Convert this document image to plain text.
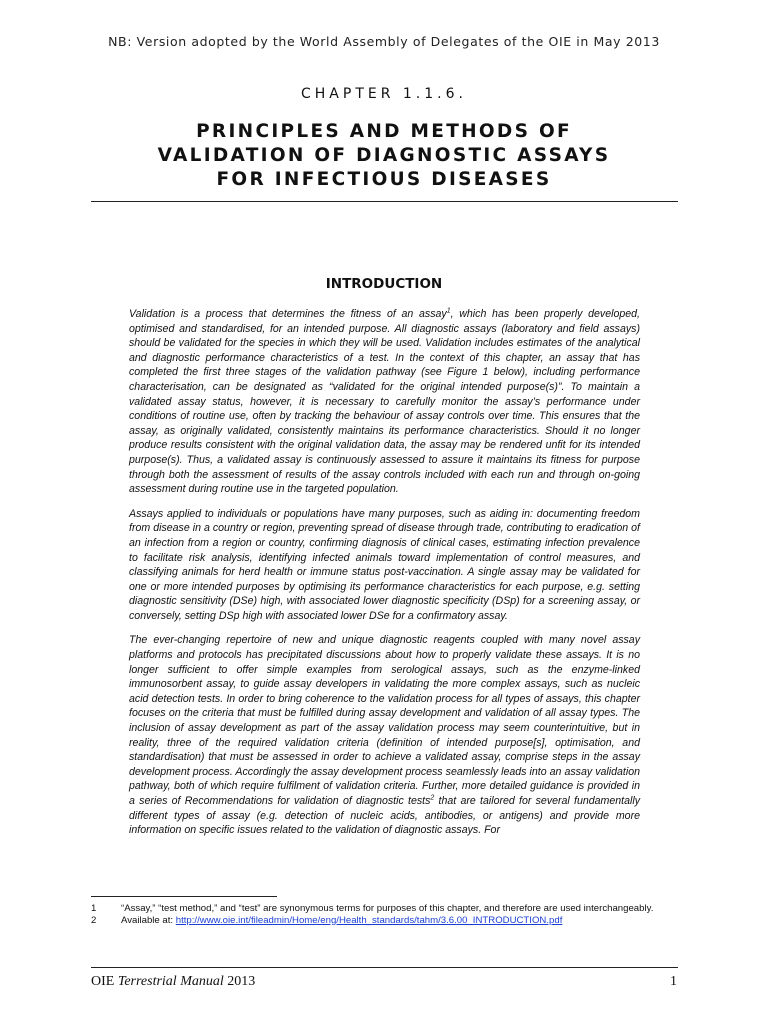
NB: Version adopted by the World Assembly of Delegates of the OIE in May 2013
CHAPTER 1.1.6.
PRINCIPLES AND METHODS OF
VALIDATION OF DIAGNOSTIC ASSAYS
FOR INFECTIOUS DISEASES
INTRODUCTION

Validation is a process that determines the fitness of an assay$^1$, which has been properly developed, optimised and standardised, for an intended purpose. All diagnostic assays (laboratory and field assays) should be validated for the species in which they will be used. Validation includes estimates of the analytical and diagnostic performance characteristics of a test. In the context of this chapter, an assay that has completed the first three stages of the validation pathway (see Figure 1 below), including performance characterisation, can be designated as “validated for the original intended purpose(s)”. To maintain a validated assay status, however, it is necessary to carefully monitor the assay’s performance under conditions of routine use, often by tracking the behaviour of assay controls over time. This ensures that the assay, as originally validated, consistently maintains its performance characteristics. Should it no longer produce results consistent with the original validation data, the assay may be rendered unfit for its intended purpose(s). Thus, a validated assay is continuously assessed to assure it maintains its fitness for purpose through both the assessment of results of the assay controls included with each run and through on-going assessment during routine use in the targeted population.

Assays applied to individuals or populations have many purposes, such as aiding in: documenting freedom from disease in a country or region, preventing spread of disease through trade, contributing to eradication of an infection from a region or country, confirming diagnosis of clinical cases, estimating infection prevalence to facilitate risk analysis, identifying infected animals toward implementation of control measures, and classifying animals for herd health or immune status post-vaccination. A single assay may be validated for one or more intended purposes by optimising its performance characteristics for each purpose, e.g. setting diagnostic sensitivity (DSe) high, with associated lower diagnostic specificity (DSp) for a screening assay, or conversely, setting DSp high with associated lower DSe for a confirmatory assay.

The ever-changing repertoire of new and unique diagnostic reagents coupled with many novel assay platforms and protocols has precipitated discussions about how to properly validate these assays. It is no longer sufficient to offer simple examples from serological assays, such as the enzyme-linked immunosorbent assay, to guide assay developers in validating the more complex assays, such as nucleic acid detection tests. In order to bring coherence to the validation process for all types of assays, this chapter focuses on the criteria that must be fulfilled during assay development and validation of all assay types. The inclusion of assay development as part of the assay validation process may seem counterintuitive, but in reality, three of the required validation criteria (definition of intended purpose[s], optimisation, and standardisation) that must be assessed in order to achieve a validated assay, comprise steps in the assay development process. Accordingly the assay development process seamlessly leads into an assay validation pathway, both of which require fulfilment of validation criteria. Further, more detailed guidance is provided in a series of Recommendations for validation of diagnostic tests$^2$ that are tailored for several fundamentally different types of assay (e.g. detection of nucleic acids, antibodies, or antigens) and provide more information on specific issues related to the validation of diagnostic assays. For

1	“Assay,” “test method,” and “test” are synonymous terms for purposes of this chapter, and therefore are used interchangeably.
2	Available at: http://www.oie.int/fileadmin/Home/eng/Health_standards/tahm/3.6.00_INTRODUCTION.pdf
OIE Terrestrial Manual 2013	1
